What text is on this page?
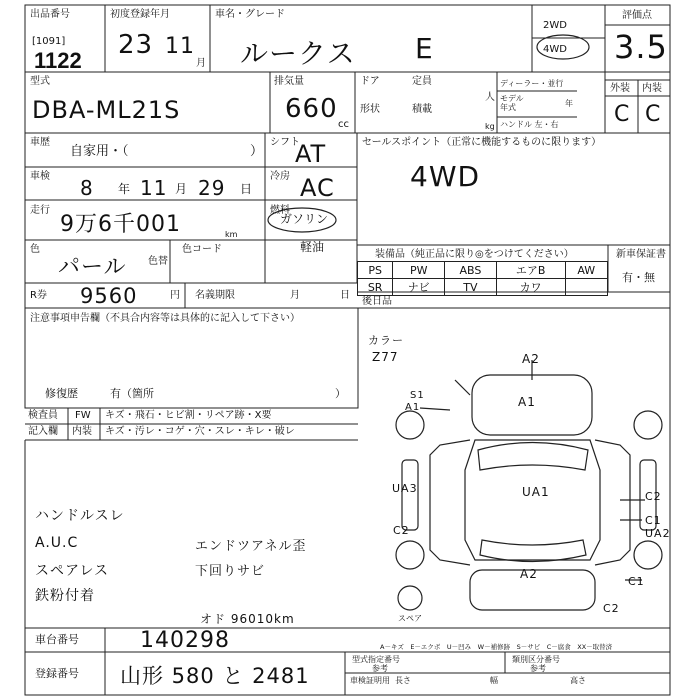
出品番号
[1091]
1122
初度登録年月
23 11
月
車名・グレード
ルークス E
2WD
4WD
評価点
3.5
型式
DBA-ML21S
排気量
660
cc
ドア	定員
人
形状	積載
kg
ディーラー・並行
モデル
年式	年
ハンドル 左・右
外装 内装
C C
車歴
自家用・（	）
車検 8 年 11 月 29 日
走行
9万6千001	km
色
パール 色替
色コード
R券 9560	円 名義期限	月	日
シフト
AT
冷房 AC
燃料
ガソリン
軽油
セールスポイント（正常に機能するものに限ります）
4WD
装備品（純正品に限り◎をつけてください）
PS	PW	ABS	エアB	AW
SR	ナビ	TV	カワ	
新車保証書
有・無
後日品
注意事項申告欄（不具合内容等は具体的に記入して下さい）
修復歴	有（箇所	）
検査員
記入欄
FW キズ・飛石・ヒビ割・リペア跡・X要
内装 キズ・汚レ・コゲ・穴・スレ・キレ・破レ
ハンドルスレ
A.U.C
スペアレス
鉄粉付着
エンドツアネル歪
下回りサビ
オド 96010km
カラー
Z77	A2
A1
S1
A1
UA3	UA1	C2
C1
UA2
A2
C2
C1
C2
スペア
A－キズ　E－エクボ　U－凹み　W－補修跡　S－サビ　C－腐食　XX－取替済
車台番号	140298
登録番号 山形 580 と 2481
型式指定番号
参考
類別区分番号
参考
車検証明用 長さ	幅	高さ
